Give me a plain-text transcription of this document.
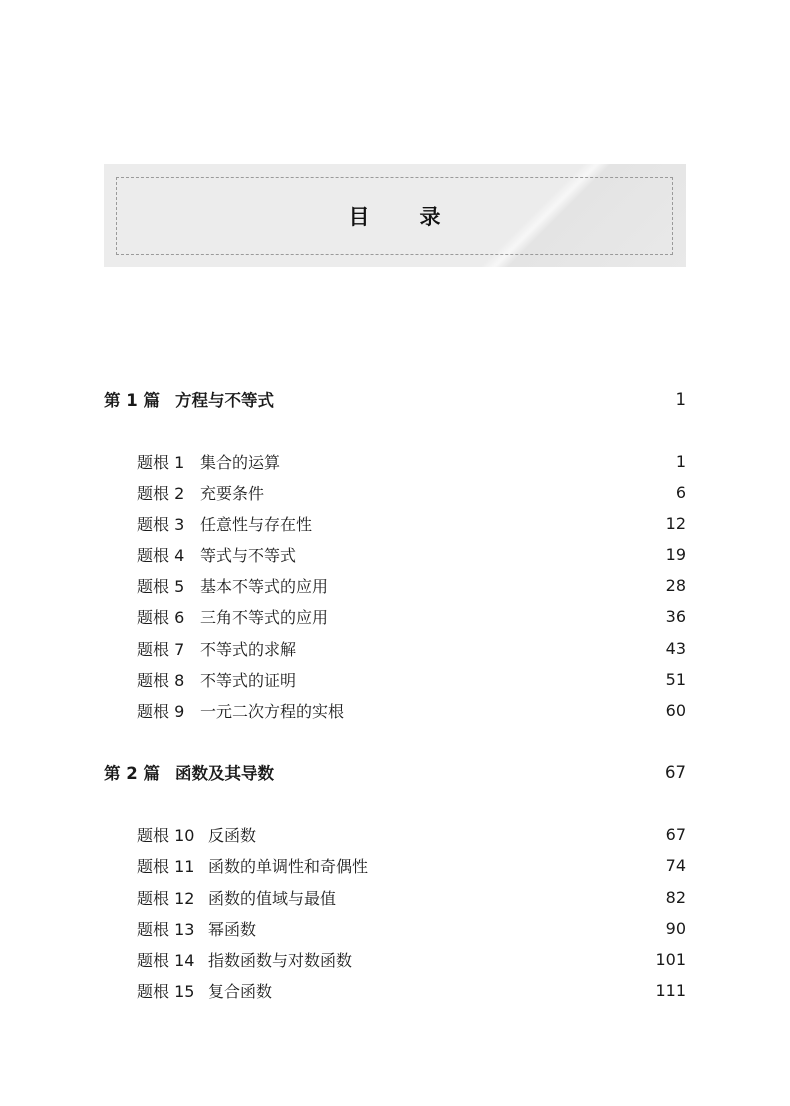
目录
第 1 篇 方程与不等式	1
题根 1 集合的运算	1
题根 2 充要条件	6
题根 3 任意性与存在性	12
题根 4 等式与不等式	19
题根 5 基本不等式的应用	28
题根 6 三角不等式的应用	36
题根 7 不等式的求解	43
题根 8 不等式的证明	51
题根 9 一元二次方程的实根	60
第 2 篇 函数及其导数	67
题根 10 反函数	67
题根 11 函数的单调性和奇偶性	74
题根 12 函数的值域与最值	82
题根 13 幂函数	90
题根 14 指数函数与对数函数	101
题根 15 复合函数	111
